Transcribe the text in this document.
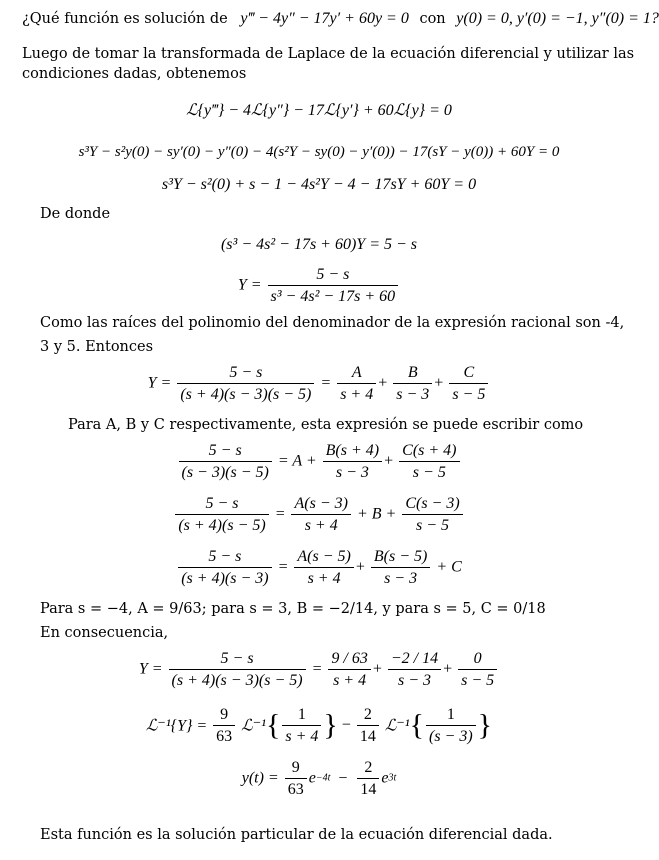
¿Qué función es solución de y‴ − 4y″ − 17y′ + 60y = 0 con y(0) = 0, y′(0) = −1, y″(0) = 1?
Luego de tomar la transformada de Laplace de la ecuación diferencial y utilizar las
condiciones dadas, obtenemos
ℒ{y‴} − 4ℒ{y″} − 17ℒ{y′} + 60ℒ{y} = 0
s³Y − s²y(0) − sy′(0) − y″(0) − 4(s²Y − sy(0) − y′(0)) − 17(sY − y(0)) + 60Y = 0
s³Y − s²(0) + s − 1 − 4s²Y − 4 − 17sY + 60Y = 0
De donde
(s³ − 4s² − 17s + 60)Y = 5 − s
$Y = \frac{5 - s}{\text{s³ − 4s² − 17s + 60}}$
Como las raíces del polinomio del denominador de la expresión racional son -4,
3 y 5. Entonces
$Y = \frac{5 - s}{(s + 4)(s - 3)(s - 5)} = \frac{A}{s + 4} + \frac{B}{s - 3} + \frac{C}{s - 5}$
Para A, B y C respectivamente, esta expresión se puede escribir como
$\frac{5 - s}{(s - 3)(s - 5)} = A + \frac{B(s + 4)}{s - 3} + \frac{C(s + 4)}{s - 5}$
$\frac{5 - s}{(s + 4)(s - 5)} = \frac{A(s - 3)}{s + 4} + B + \frac{C(s - 3)}{s - 5}$
$\frac{5 - s}{(s + 4)(s - 3)} = \frac{A(s - 5)}{s + 4} + \frac{B(s - 5)}{s - 3} + C$
Para s = −4, A = 9/63; para s = 3, B = −2/14, y para s = 5, C = 0/18
En consecuencia,
$Y = \frac{5 - s}{(s + 4)(s - 3)(s - 5)} = \frac{9 / 63}{s + 4} + \frac{-2 / 14}{s - 3} + \frac{0}{s - 5}$
ℒ⁻¹{Y} = $\frac{9}{63}$ ℒ⁻¹{ $\frac{1}{s + 4}$ } − $\frac{2}{14}$ ℒ⁻¹{ $\frac{1}{(s - 3)}$ }
$y(t) = \frac{9}{63} e-4t - \frac{2}{14} e3t$
Esta función es la solución particular de la ecuación diferencial dada.
